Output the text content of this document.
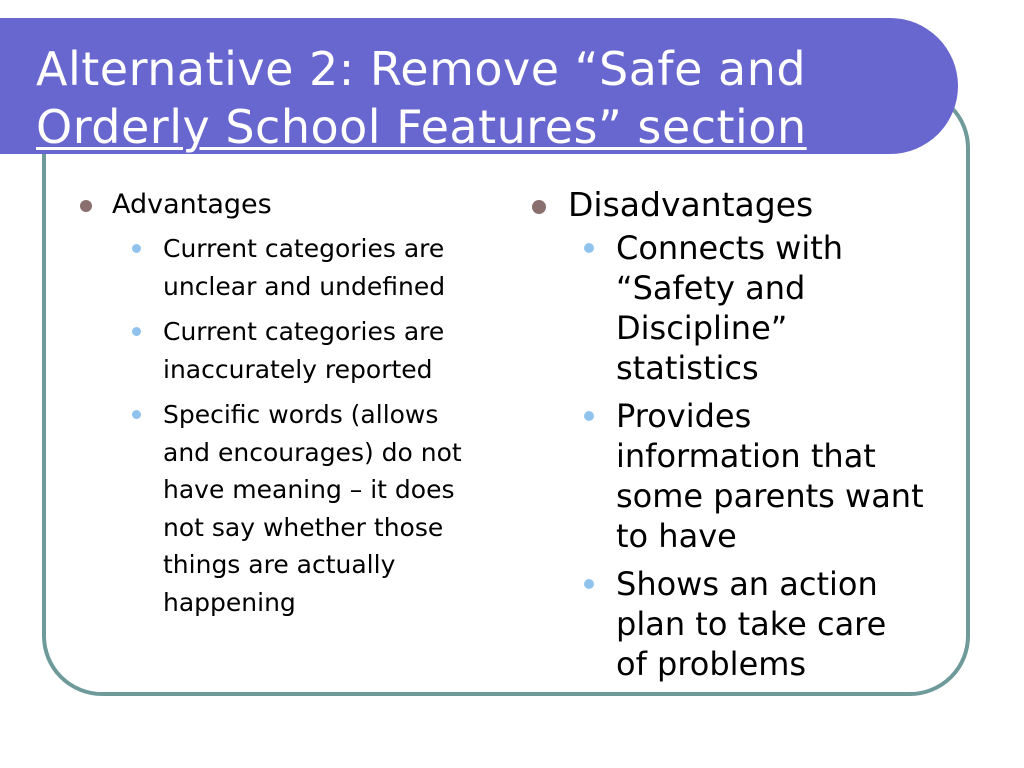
Alternative 2: Remove “Safe and
Orderly School Features” section
Advantages
Current categories are unclear and undefined
Current categories are inaccurately reported
Specific words (allows and encourages) do not have meaning – it does not say whether those things are actually happening
Disadvantages
Connects with “Safety and Discipline” statistics
Provides information that some parents want to have
Shows an action plan to take care of problems
